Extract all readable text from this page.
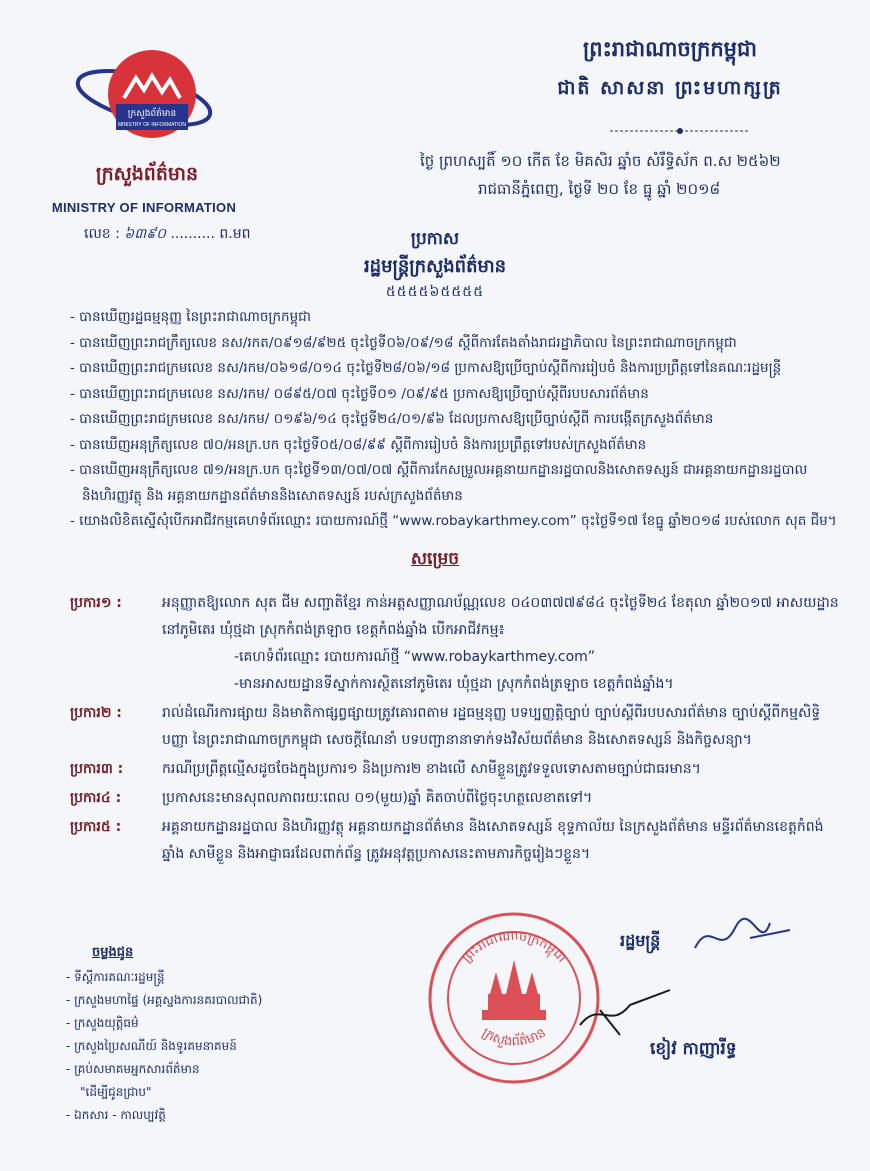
ក្រសួងព័ត៌មាន
MINISTRY OF INFORMATION
ក្រសួងព័ត៌មាន
MINISTRY OF INFORMATION
លេខ : ៦៣៩០ .......... ព.មព
ព្រះរាជាណាចក្រកម្ពុជា
ជាតិ សាសនា ព្រះមហាក្សត្រ
ថ្ងៃ ព្រហស្បតិ៍ ១០ កើត ខែ មិគសិរ ឆ្នាំច សំរឹទ្ធិស័ក ព.ស ២៥៦២
រាជធានីភ្នំពេញ, ថ្ងៃទី ២០ ខែ ធ្នូ ឆ្នាំ ២០១៨
ប្រកាស
រដ្ឋមន្ត្រីក្រសួងព័ត៌មាន
៥៥៥៥៦៥៥៥៥
- បានឃើញរដ្ឋធម្មនុញ្ញ នៃព្រះរាជាណាចក្រកម្ពុជា
- បានឃើញព្រះរាជក្រឹត្យលេខ នស/រកត/០៩១៨/៩២៥ ចុះថ្ងៃទី០៦/០៩/១៨ ស្តីពីការតែងតាំងរាជរដ្ឋាភិបាល នៃព្រះរាជាណាចក្រកម្ពុជា
- បានឃើញព្រះរាជក្រមលេខ នស/រកម/០៦១៨/០១៤ ចុះថ្ងៃទី២៨/០៦/១៨ ប្រកាសឱ្យប្រើច្បាប់ស្តីពីការរៀបចំ និងការប្រព្រឹត្តទៅនៃគណៈរដ្ឋមន្ត្រី
- បានឃើញព្រះរាជក្រមលេខ នស/រកម/ ០៨៩៥/០៧ ចុះថ្ងៃទី០១ /០៩/៩៥ ប្រកាសឱ្យប្រើច្បាប់ស្តីពីរបបសារព័ត៌មាន
- បានឃើញព្រះរាជក្រមលេខ នស/រកម/ ០១៩៦/១៤ ចុះថ្ងៃទី២៤/០១/៩៦ ដែលប្រកាសឱ្យប្រើច្បាប់ស្តីពី ការបង្កើតក្រសួងព័ត៌មាន
- បានឃើញអនុក្រឹត្យលេខ ៧០/អនក្រ.បក ចុះថ្ងៃទី០៥/០៨/៩៩ ស្តីពីការរៀបចំ និងការប្រព្រឹត្តទៅរបស់ក្រសួងព័ត៌មាន
- បានឃើញអនុក្រឹត្យលេខ ៧១/អនក្រ.បក ចុះថ្ងៃទី១៣/០៧/០៧ ស្តីពីការកែសម្រួលអគ្គនាយកដ្ឋានរដ្ឋបាលនិងសោតទស្សន៍ ជាអគ្គនាយកដ្ឋានរដ្ឋបាលនិងហិរញ្ញវត្ថុ និង អគ្គនាយកដ្ឋានព័ត៌មាននិងសោតទស្សន៍ របស់ក្រសួងព័ត៌មាន
- យោងលិខិតស្នើសុំបើកអាជីវកម្មគេហទំព័រឈ្មោះ របាយការណ៍ថ្មី “www.robaykarthmey.com” ចុះថ្ងៃទី១៧ ខែធ្នូ ឆ្នាំ២០១៨ របស់លោក សុត ជីម។
សម្រេច
ប្រការ១ :	អនុញ្ញាតឱ្យលោក សុត ជីម សញ្ជាតិខ្មែរ កាន់អត្តសញ្ញាណប័ណ្ណលេខ ០៤០៣៧៧៩៨៤ ចុះថ្ងៃទី២៤ ខែតុលា ឆ្នាំ២០១៧ អាសយដ្ឋាននៅភូមិតេរ ឃុំថ្មដា ស្រុកកំពង់ត្រឡាច ខេត្តកំពង់ឆ្នាំង បើកអាជីវកម្ម៖
-គេហទំព័រឈ្មោះ របាយការណ៍ថ្មី “www.robaykarthmey.com”
-មានអាសយដ្ឋានទីស្នាក់ការស្ថិតនៅភូមិតេរ ឃុំថ្មដា ស្រុកកំពង់ត្រឡាច ខេត្តកំពង់ឆ្នាំង។
ប្រការ២ :	រាល់ដំណើរការផ្សាយ និងមាតិកាផ្សព្វផ្សាយត្រូវគោរពតាម រដ្ឋធម្មនុញ្ញ បទប្បញ្ញត្តិច្បាប់ ច្បាប់ស្តីពីរបបសារព័ត៌មាន ច្បាប់ស្តីពីកម្មសិទ្ធិបញ្ញា នៃព្រះរាជាណាចក្រកម្ពុជា សេចក្តីណែនាំ បទបញ្ជានានាទាក់ទងវិស័យព័ត៌មាន និងសោតទស្សន៍ និងកិច្ចសន្យា។
ប្រការ៣ :	ករណីប្រព្រឹត្តល្មើសដូចចែងក្នុងប្រការ១ និងប្រការ២ ខាងលើ សាមីខ្លួនត្រូវទទួលទោសតាមច្បាប់ជាធរមាន។
ប្រការ៤ :	ប្រកាសនេះមានសុពលភាពរយៈពេល ០១(មួយ)ឆ្នាំ គិតចាប់ពីថ្ងៃចុះហត្ថលេខាតទៅ។
ប្រការ៥ :	អគ្គនាយកដ្ឋានរដ្ឋបាល និងហិរញ្ញវត្ថុ អគ្គនាយកដ្ឋានព័ត៌មាន និងសោតទស្សន៍ ខុទ្ទកាល័យ នៃក្រសួងព័ត៌មាន មន្ទីរព័ត៌មានខេត្តកំពង់ឆ្នាំង សាមីខ្លួន និងអាជ្ញាធរដែលពាក់ព័ន្ធ ត្រូវអនុវត្តប្រកាសនេះតាមភារកិច្ចរៀងៗខ្លួន។
ព្រះរាជាណាចក្រកម្ពុជា
ក្រសួងព័ត៌មាន
រដ្ឋមន្ត្រី
ខៀវ កាញារីទ្ធ
ចម្លងជូន
- ទីស្តីការគណៈរដ្ឋមន្ត្រី
- ក្រសួងមហាផ្ទៃ (អគ្គស្នងការនគរបាលជាតិ)
- ក្រសួងយុត្តិធម៌
- ក្រសួងប្រៃសណីយ៍ និងទូរគមនាគមន៍
- គ្រប់សមាគមអ្នកសារព័ត៌មាន
"ដើម្បីជូនជ្រាប"
- ឯកសារ - កាលប្បវត្តិ
